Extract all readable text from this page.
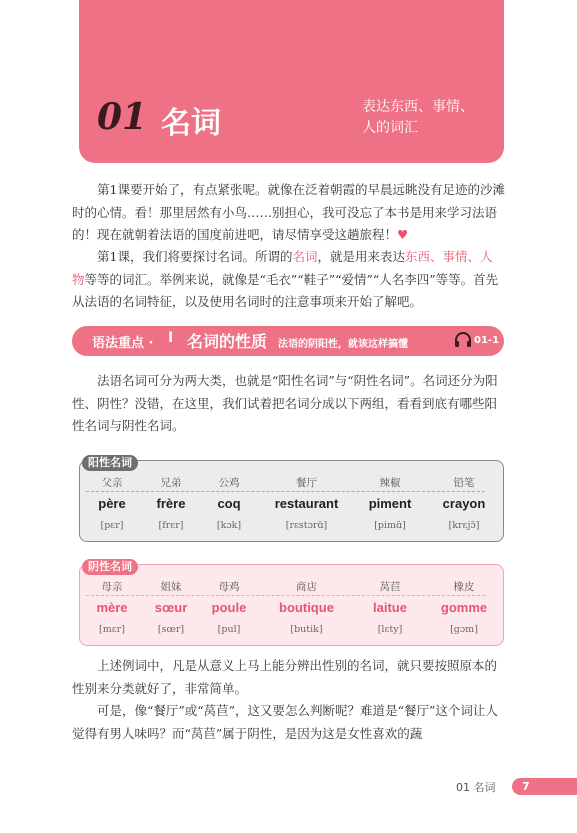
01 名词	表达东西、事情、
人的词汇

第1课要开始了，有点紧张呢。就像在泛着朝霞的早晨远眺没有足迹的沙滩时的心情。看！那里居然有小鸟……别担心，我可没忘了本书是用来学习法语的！现在就朝着法语的国度前进吧，请尽情享受这趟旅程！♥

第1课，我们将要探讨名词。所谓的名词，就是用来表达东西、事情、人物等等的词汇。举例来说，就像是“毛衣”“鞋子”“爱情”“人名李四”等等。首先从法语的名词特征，以及使用名词时的注意事项来开始了解吧。

语法重点 · I 名词的性质 法语的阴阳性，就该这样搞懂	01-1

法语名词可分为两大类，也就是“阳性名词”与“阴性名词”。名词还分为阳性、阴性？没错，在这里，我们试着把名词分成以下两组，看看到底有哪些阳性名词与阴性名词。

阳性名词
父亲	兄弟	公鸡	餐厅	辣椒	铅笔
père	frère	coq	restaurant	piment	crayon
[pɛr]	[frɛr]	[kɔk]	[rɛstɔrɑ̃]	[pimɑ̃]	[krɛjɔ̃]
阴性名词
母亲	姐妹	母鸡	商店	莴苣	橡皮
mère	sœur	poule	boutique	laitue	gomme
[mɛr]	[sœr]	[pul]	[butik]	[lɛty]	[gɔm]

上述例词中，凡是从意义上马上能分辨出性别的名词，就只要按照原本的性别来分类就好了，非常简单。

可是，像“餐厅”或“莴苣”，这又要怎么判断呢？难道是“餐厅”这个词让人觉得有男人味吗？而“莴苣”属于阴性，是因为这是女性喜欢的蔬

01 名词	7
